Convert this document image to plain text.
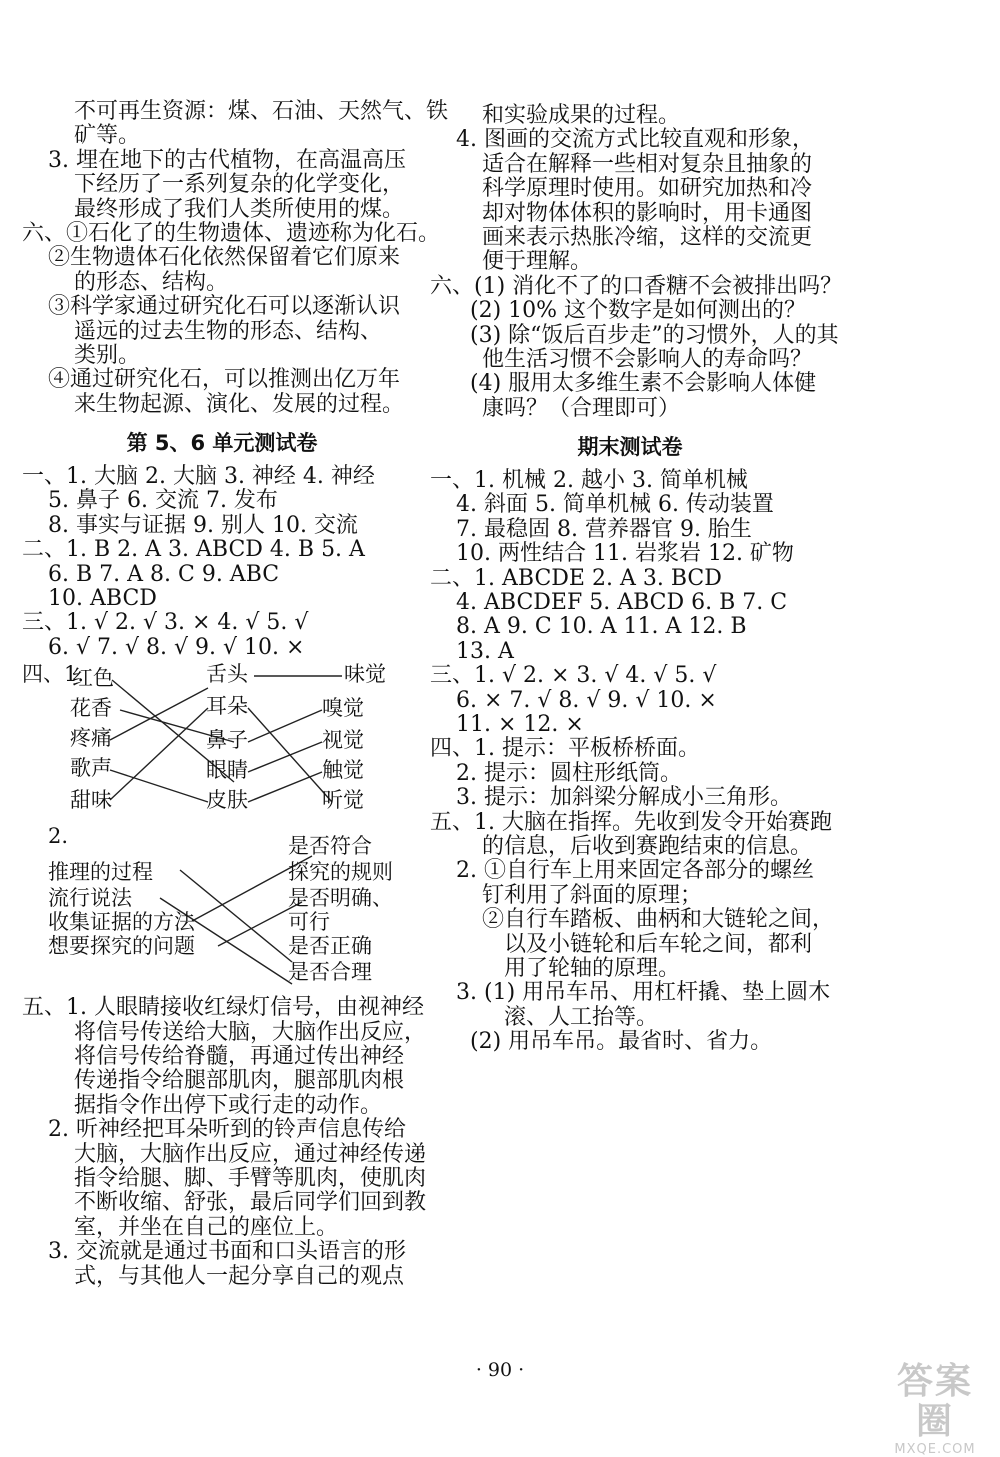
不可再生资源：煤、石油、天然气、铁
矿等。
3. 埋在地下的古代植物，在高温高压
下经历了一系列复杂的化学变化，
最终形成了我们人类所使用的煤。
六、①石化了的生物遗体、遗迹称为化石。
②生物遗体石化依然保留着它们原来
的形态、结构。
③科学家通过研究化石可以逐渐认识
遥远的过去生物的形态、结构、
类别。
④通过研究化石，可以推测出亿万年
来生物起源、演化、发展的过程。
第 5、6 单元测试卷
一、1. 大脑 2. 大脑 3. 神经 4. 神经
5. 鼻子 6. 交流 7. 发布
8. 事实与证据 9. 别人 10. 交流
二、1. B 2. A 3. ABCD 4. B 5. A
6. B 7. A 8. C 9. ABC
10. ABCD
三、1. √ 2. √ 3. × 4. √ 5. √
6. √ 7. √ 8. √ 9. √ 10. ×
四、1.
红色
花香
疼痛
歌声
甜味
舌头
耳朵
鼻子
眼睛
皮肤
味觉
嗅觉
视觉
触觉
听觉
2.
推理的过程
流行说法
收集证据的方法
想要探究的问题
是否符合
探究的规则
是否明确、
可行
是否正确
是否合理
五、1. 人眼睛接收红绿灯信号，由视神经
将信号传送给大脑，大脑作出反应，
将信号传给脊髓，再通过传出神经
传递指令给腿部肌肉，腿部肌肉根
据指令作出停下或行走的动作。
2. 听神经把耳朵听到的铃声信息传给
大脑，大脑作出反应，通过神经传递
指令给腿、脚、手臂等肌肉，使肌肉
不断收缩、舒张，最后同学们回到教
室，并坐在自己的座位上。
3. 交流就是通过书面和口头语言的形
式，与其他人一起分享自己的观点
和实验成果的过程。
4. 图画的交流方式比较直观和形象，
适合在解释一些相对复杂且抽象的
科学原理时使用。如研究加热和冷
却对物体体积的影响时，用卡通图
画来表示热胀冷缩，这样的交流更
便于理解。
六、(1) 消化不了的口香糖不会被排出吗？
(2) 10% 这个数字是如何测出的？
(3) 除“饭后百步走”的习惯外，人的其
他生活习惯不会影响人的寿命吗？
(4) 服用太多维生素不会影响人体健
康吗？（合理即可）
期末测试卷
一、1. 机械 2. 越小 3. 简单机械
4. 斜面 5. 简单机械 6. 传动装置
7. 最稳固 8. 营养器官 9. 胎生
10. 两性结合 11. 岩浆岩 12. 矿物
二、1. ABCDE 2. A 3. BCD
4. ABCDEF 5. ABCD 6. B 7. C
8. A 9. C 10. A 11. A 12. B
13. A
三、1. √ 2. × 3. √ 4. √ 5. √
6. × 7. √ 8. √ 9. √ 10. ×
11. × 12. ×
四、1. 提示：平板桥桥面。
2. 提示：圆柱形纸筒。
3. 提示：加斜梁分解成小三角形。
五、1. 大脑在指挥。先收到发令开始赛跑
的信息，后收到赛跑结束的信息。
2. ①自行车上用来固定各部分的螺丝
钉利用了斜面的原理；
②自行车踏板、曲柄和大链轮之间，
以及小链轮和后车轮之间，都利
用了轮轴的原理。
3. (1) 用吊车吊、用杠杆撬、垫上圆木
滚、人工抬等。
(2) 用吊车吊。最省时、省力。
· 90 ·	答案圈
MXQE.COM
